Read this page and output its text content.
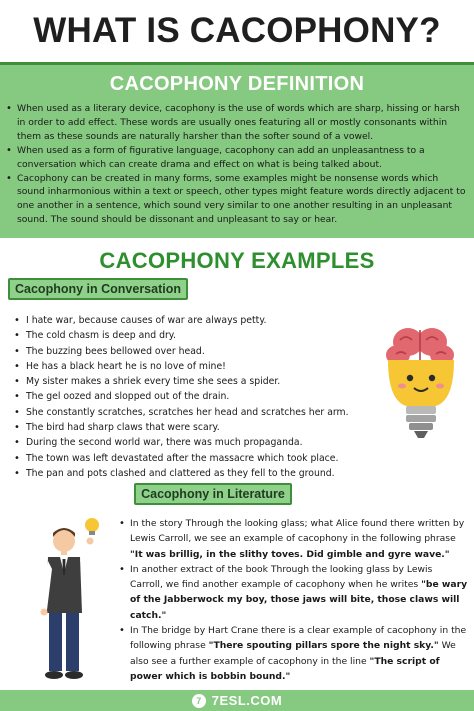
WHAT IS CACOPHONY?
CACOPHONY DEFINITION
• When used as a literary device, cacophony is the use of words which are sharp, hissing or harsh in order to add effect. These words are usually ones featuring all or mostly consonants within them as these sounds are naturally harsher than the softer sound of a vowel.
• When used as a form of figurative language, cacophony can add an unpleasantness to a conversation which can create drama and effect on what is being talked about.
• Cacophony can be created in many forms, some examples might be nonsense words which sound inharmonious within a text or speech, other types might feature words directly adjacent to one another in a sentence, which sound very similar to one another resulting in an unpleasant sound. The sound should be dissonant and unpleasant to say or hear.
CACOPHONY EXAMPLES
Cacophony in Conversation
• I hate war, because causes of war are always petty.
• The cold chasm is deep and dry.
• The buzzing bees bellowed over head.
• He has a black heart he is no love of mine!
• My sister makes a shriek every time she sees a spider.
• The gel oozed and slopped out of the drain.
• She constantly scratches, scratches her head and scratches her arm.
• The bird had sharp claws that were scary.
• During the second world war, there was much propaganda.
• The town was left devastated after the massacre which took place.
• The pan and pots clashed and clattered as they fell to the ground.
Cacophony in Literature
• In the story Through the looking glass; what Alice found there written by Lewis Carroll, we see an example of cacophony in the following phrase "It was brillig, in the slithy toves. Did gimble and gyre wave."
• In another extract of the book Through the looking glass by Lewis Carroll, we find another example of cacophony when he writes "be wary of the Jabberwock my boy, those jaws will bite, those claws will catch."
• In The bridge by Hart Crane there is a clear example of cacophony in the following phrase "There spouting pillars spore the night sky." We also see a further example of cacophony in the line "The script of power which is bobbin bound."
7 7ESL.COM
